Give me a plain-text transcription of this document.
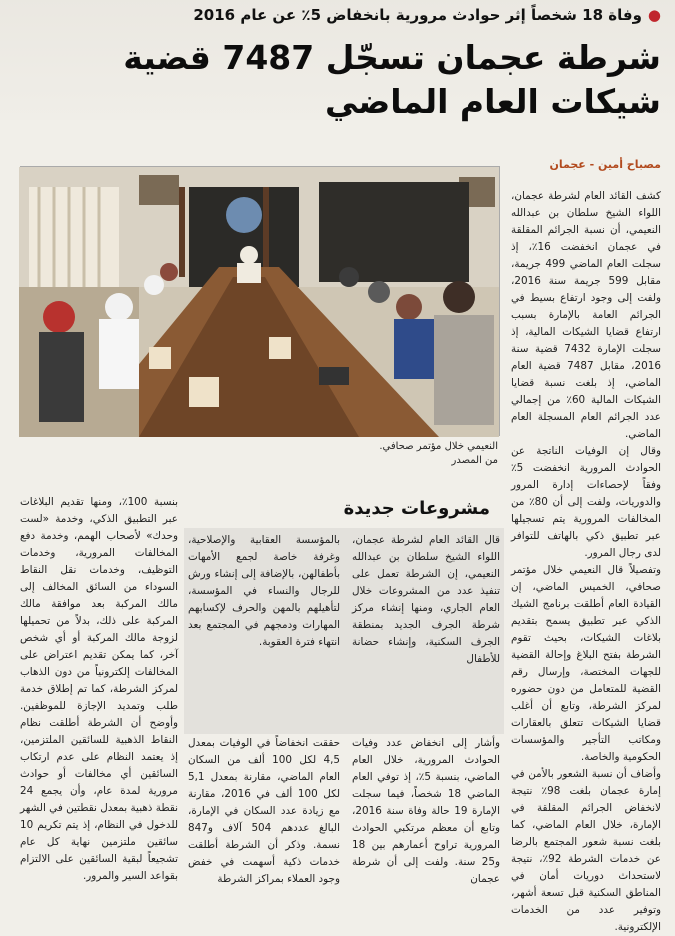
●وفاة 18 شخصاً إثر حوادث مرورية بانخفاض 5٪ عن عام 2016
شرطة عجمان تسجّل 7487 قضية
شيكات العام الماضي
مصباح أمين - عجمان
النعيمي خلال مؤتمر صحافي.
من المصدر

كشف القائد العام لشرطة عجمان، اللواء الشيخ سلطان بن عبدالله النعيمي، أن نسبة الجرائم المقلقة في عجمان انخفضت 16٪، إذ سجلت العام الماضي 499 جريمة، مقابل 599 جريمة سنة 2016، ولفت إلى وجود ارتفاع بسيط في الجرائم العامة بالإمارة بسبب ارتفاع قضايا الشيكات المالية، إذ سجلت الإمارة 7432 قضية سنة 2016، مقابل 7487 قضية العام الماضي، إذ بلغت نسبة قضايا الشيكات المالية 60٪ من إجمالي عدد الجرائم العام المسجلة العام الماضي.

وقال إن الوفيات الناتجة عن الحوادث المرورية انخفضت 5٪ وفقاً لإحصاءات إدارة المرور والدوريات، ولفت إلى أن 80٪ من المخالفات المرورية يتم تسجيلها عبر تطبيق ذكي بالهاتف للتوافر لدى رجال المرور.

وتفصيلاً قال النعيمي خلال مؤتمر صحافي، الخميس الماضي، إن القيادة العام أطلقت برنامج الشيك الذكي عبر تطبيق يسمح بتقديم بلاغات الشيكات، بحيث تقوم الشرطة بفتح البلاغ وإحالة القضية للجهات المختصة، وإرسال رقم القضية للمتعامل من دون حضوره لمركز الشرطة، وتابع أن أغلب قضايا الشيكات تتعلق بالعقارات ومكاتب التأجير والمؤسسات الحكومية والخاصة.

وأضاف أن نسبة الشعور بالأمن في إمارة عجمان بلغت 98٪ نتيجة لانخفاض الجرائم المقلقة في الإمارة، خلال العام الماضي، كما بلغت نسبة شعور المجتمع بالرضا عن خدمات الشرطة 92٪، نتيجة لاستحداث دوريات أمان في المناطق السكنية قبل تسعة أشهر، وتوفير عدد من الخدمات الإلكترونية.

مشروعات جديدة
قال القائد العام لشرطة عجمان، اللواء الشيخ سلطان بن عبدالله النعيمي، إن الشرطة تعمل على تنفيذ عدد من المشروعات خلال العام الجاري، ومنها إنشاء مركز شرطة الجرف الجديد بمنطقة الجرف السكنية، وإنشاء حضانة للأطفال
بالمؤسسة العقابية والإصلاحية، وغرفة خاصة لجمع الأمهات بأطفالهن، بالإضافة إلى إنشاء ورش للرجال والنساء في المؤسسة، لتأهيلهم بالمهن والحرف لإكسابهم المهارات ودمجهم في المجتمع بعد انتهاء فترة العقوبة.
وأشار إلى انخفاض عدد وفيات الحوادث المرورية، خلال العام الماضي، بنسبة 5٪، إذ توفي العام الماضي 18 شخصاً، فيما سجلت الإمارة 19 حالة وفاة سنة 2016، وتابع أن معظم مرتكبي الحوادث المرورية تراوح أعمارهم بين 18 و25 سنة. ولفت إلى أن شرطة عجمان
حققت انخفاضاً في الوفيات بمعدل 4,5 لكل 100 ألف من السكان العام الماضي، مقارنة بمعدل 5,1 لكل 100 ألف في 2016، مقارنة مع زيادة عدد السكان في الإمارة، البالغ عددهم 504 آلاف و847 نسمة. وذكر أن الشرطة أطلقت خدمات ذكية أسهمت في خفض وجود العملاء بمراكز الشرطة
بنسبة 100٪، ومنها تقديم البلاغات عبر التطبيق الذكي، وخدمة «لست وحدك» لأصحاب الهمم، وخدمة دفع المخالفات المرورية، وخدمات التوظيف، وخدمات نقل النقاط السوداء من السائق المخالف إلى مالك المركبة بعد موافقة مالك المركبة على ذلك، بدلاً من تحميلها لزوجة مالك المركبة أو أي شخص آخر، كما يمكن تقديم اعتراض على المخالفات إلكترونياً من دون الذهاب لمركز الشرطة، كما تم إطلاق خدمة طلب وتمديد الإجازة للموظفين. وأوضح أن الشرطة أطلقت نظام النقاط الذهبية للسائقين الملتزمين، إذ يعتمد النظام على عدم ارتكاب السائقين أي مخالفات أو حوادث مرورية لمدة عام، وأن يجمع 24 نقطة ذهبية بمعدل نقطتين في الشهر للدخول في النظام، إذ يتم تكريم 10 سائقين ملتزمين نهاية كل عام تشجيعاً لبقية السائقين على الالتزام بقواعد السير والمرور.
